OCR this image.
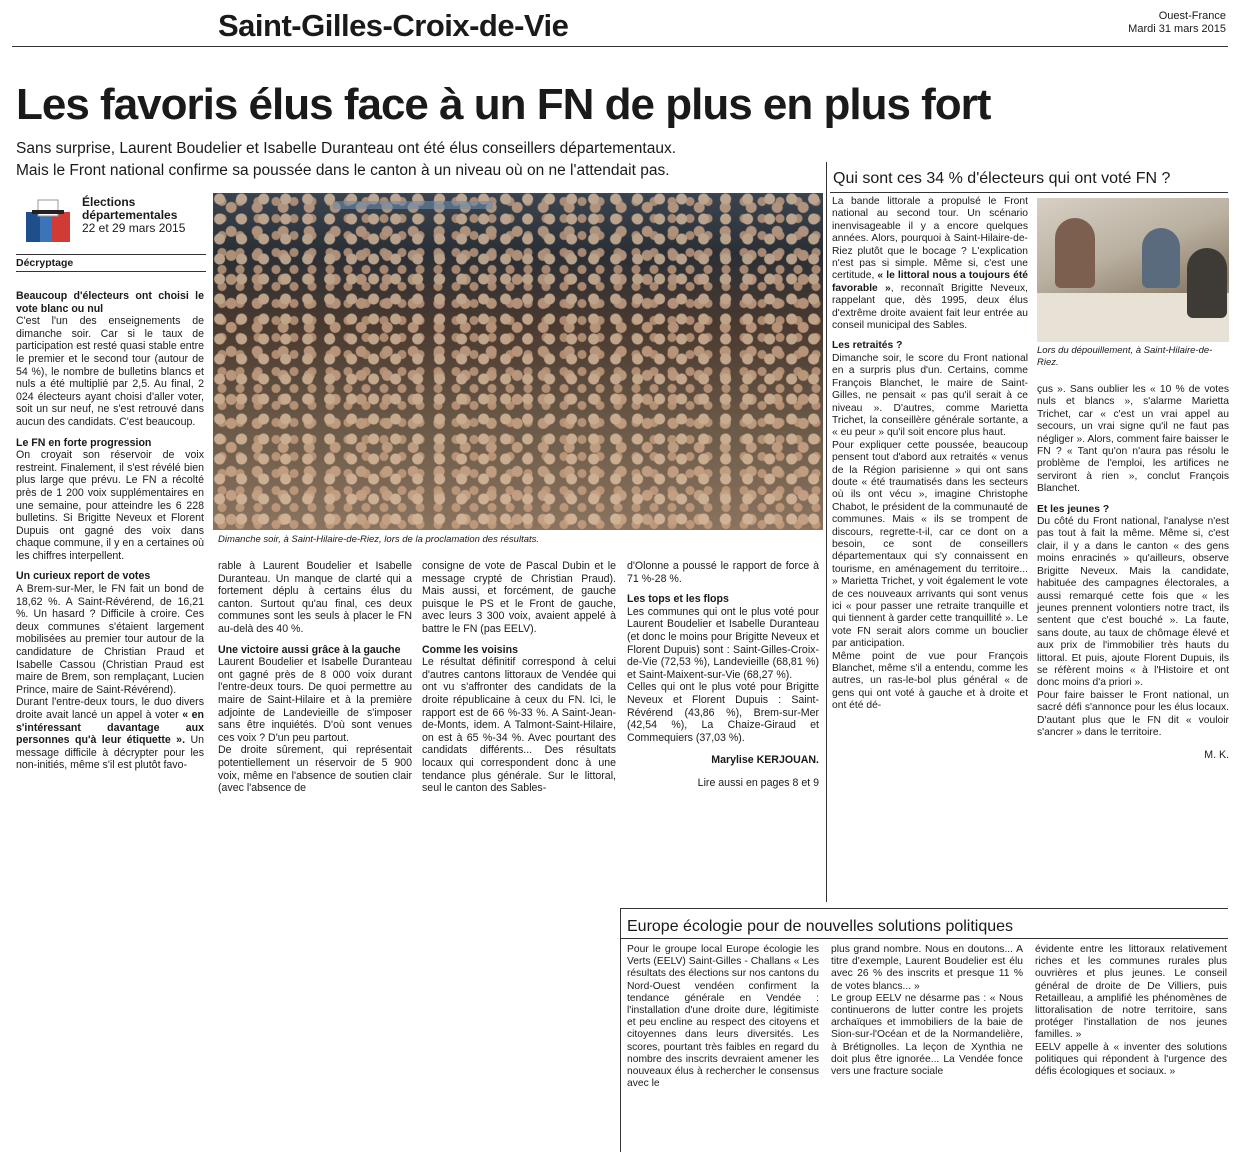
Saint-Gilles-Croix-de-Vie	Ouest-France
Mardi 31 mars 2015
Les favoris élus face à un FN de plus en plus fort
Sans surprise, Laurent Boudelier et Isabelle Duranteau ont été élus conseillers départementaux.
Mais le Front national confirme sa poussée dans le canton à un niveau où on ne l'attendait pas.
Élections
départementales
22 et 29 mars 2015
Décryptage

Beaucoup d'électeurs ont choisi le vote blanc ou nul

C'est l'un des enseignements de dimanche soir. Car si le taux de participation est resté quasi stable entre le premier et le second tour (autour de 54 %), le nombre de bulletins blancs et nuls a été multiplié par 2,5. Au final, 2 024 électeurs ayant choisi d'aller voter, soit un sur neuf, ne s'est retrouvé dans aucun des candidats. C'est beaucoup.

Le FN en forte progression

On croyait son réservoir de voix restreint. Finalement, il s'est révélé bien plus large que prévu. Le FN a récolté près de 1 200 voix supplémentaires en une semaine, pour atteindre les 6 228 bulletins. Si Brigitte Neveux et Florent Dupuis ont gagné des voix dans chaque commune, il y en a certaines où les chiffres interpellent.

Un curieux report de votes

A Brem-sur-Mer, le FN fait un bond de 18,62 %. A Saint-Révérend, de 16,21 %. Un hasard ? Difficile à croire. Ces deux communes s'étaient largement mobilisées au premier tour autour de la candidature de Christian Praud et Isabelle Cassou (Christian Praud est maire de Brem, son remplaçant, Lucien Prince, maire de Saint-Révérend).

Durant l'entre-deux tours, le duo divers droite avait lancé un appel à voter « en s'intéressant davantage aux personnes qu'à leur étiquette ». Un message difficile à décrypter pour les non-initiés, même s'il est plutôt favo-

Dimanche soir, à Saint-Hilaire-de-Riez, lors de la proclamation des résultats.

rable à Laurent Boudelier et Isabelle Duranteau. Un manque de clarté qui a fortement déplu à certains élus du canton. Surtout qu'au final, ces deux communes sont les seuls à placer le FN au-delà des 40 %.

Une victoire aussi grâce à la gauche

Laurent Boudelier et Isabelle Duranteau ont gagné près de 8 000 voix durant l'entre-deux tours. De quoi permettre au maire de Saint-Hilaire et à la première adjointe de Landevieille de s'imposer sans être inquiétés. D'où sont venues ces voix ? D'un peu partout.

De droite sûrement, qui représentait potentiellement un réservoir de 5 900 voix, même en l'absence de soutien clair (avec l'absence de

consigne de vote de Pascal Dubin et le message crypté de Christian Praud). Mais aussi, et forcément, de gauche puisque le PS et le Front de gauche, avec leurs 3 300 voix, avaient appelé à battre le FN (pas EELV).

Comme les voisins

Le résultat définitif correspond à celui d'autres cantons littoraux de Vendée qui ont vu s'affronter des candidats de la droite républicaine à ceux du FN. Ici, le rapport est de 66 %-33 %. A Saint-Jean-de-Monts, idem. A Talmont-Saint-Hilaire, on est à 65 %-34 %. Avec pourtant des candidats différents... Des résultats locaux qui correspondent donc à une tendance plus générale. Sur le littoral, seul le canton des Sables-

d'Olonne a poussé le rapport de force à 71 %-28 %.

Les tops et les flops

Les communes qui ont le plus voté pour Laurent Boudelier et Isabelle Duranteau (et donc le moins pour Brigitte Neveux et Florent Dupuis) sont : Saint-Gilles-Croix-de-Vie (72,53 %), Landevieille (68,81 %) et Saint-Maixent-sur-Vie (68,27 %).

Celles qui ont le plus voté pour Brigitte Neveux et Florent Dupuis : Saint-Révérend (43,86 %), Brem-sur-Mer (42,54 %), La Chaize-Giraud et Commequiers (37,03 %).

Marylise KERJOUAN.

Lire aussi en pages 8 et 9

Qui sont ces 34 % d'électeurs qui ont voté FN ?
Lors du dépouillement, à Saint-Hilaire-de-Riez.

La bande littorale a propulsé le Front national au second tour. Un scénario inenvisageable il y a encore quelques années. Alors, pourquoi à Saint-Hilaire-de-Riez plutôt que le bocage ? L'explication n'est pas si simple. Même si, c'est une certitude, « le littoral nous a toujours été favorable », reconnaît Brigitte Neveux, rappelant que, dès 1995, deux élus d'extrême droite avaient fait leur entrée au conseil municipal des Sables.

Les retraités ?

Dimanche soir, le score du Front national en a surpris plus d'un. Certains, comme François Blanchet, le maire de Saint-Gilles, ne pensait « pas qu'il serait à ce niveau ». D'autres, comme Marietta Trichet, la conseillère générale sortante, a « eu peur » qu'il soit encore plus haut.

Pour expliquer cette poussée, beaucoup pensent tout d'abord aux retraités « venus de la Région parisienne » qui ont sans doute « été traumatisés dans les secteurs où ils ont vécu », imagine Christophe Chabot, le président de la communauté de communes. Mais « ils se trompent de discours, regrette-t-il, car ce dont on a besoin, ce sont de conseillers départementaux qui s'y connaissent en tourisme, en aménagement du territoire... » Marietta Trichet, y voit également le vote de ces nouveaux arrivants qui sont venus ici « pour passer une retraite tranquille et qui tiennent à garder cette tranquillité ». Le vote FN serait alors comme un bouclier par anticipation.

Même point de vue pour François Blanchet, même s'il a entendu, comme les autres, un ras-le-bol plus général « de gens qui ont voté à gauche et à droite et ont été dé-

çus ». Sans oublier les « 10 % de votes nuls et blancs », s'alarme Marietta Trichet, car « c'est un vrai appel au secours, un vrai signe qu'il ne faut pas négliger ». Alors, comment faire baisser le FN ? « Tant qu'on n'aura pas résolu le problème de l'emploi, les artifices ne serviront à rien », conclut François Blanchet.

Et les jeunes ?

Du côté du Front national, l'analyse n'est pas tout à fait la même. Même si, c'est clair, il y a dans le canton « des gens moins enracinés » qu'ailleurs, observe Brigitte Neveux. Mais la candidate, habituée des campagnes électorales, a aussi remarqué cette fois que « les jeunes prennent volontiers notre tract, ils sentent que c'est bouché ». La faute, sans doute, au taux de chômage élevé et aux prix de l'immobilier très hauts du littoral. Et puis, ajoute Florent Dupuis, ils se réfèrent moins « à l'Histoire et ont donc moins d'a priori ».

Pour faire baisser le Front national, un sacré défi s'annonce pour les élus locaux. D'autant plus que le FN dit « vouloir s'ancrer » dans le territoire.

M. K.

Europe écologie pour de nouvelles solutions politiques

Pour le groupe local Europe écologie les Verts (EELV) Saint-Gilles - Challans « Les résultats des élections sur nos cantons du Nord-Ouest vendéen confirment la tendance générale en Vendée : l'installation d'une droite dure, légitimiste et peu encline au respect des citoyens et citoyennes dans leurs diversités. Les scores, pourtant très faibles en regard du nombre des inscrits devraient amener les nouveaux élus à rechercher le consensus avec le

plus grand nombre. Nous en doutons... A titre d'exemple, Laurent Boudelier est élu avec 26 % des inscrits et presque 11 % de votes blancs... »

Le group EELV ne désarme pas : « Nous continuerons de lutter contre les projets archaïques et immobiliers de la baie de Sion-sur-l'Océan et de la Normandelière, à Brétignolles. La leçon de Xynthia ne doit plus être ignorée... La Vendée fonce vers une fracture sociale

évidente entre les littoraux relativement riches et les communes rurales plus ouvrières et plus jeunes. Le conseil général de droite de De Villiers, puis Retailleau, a amplifié les phénomènes de littoralisation de notre territoire, sans protéger l'installation de nos jeunes familles. »

EELV appelle à « inventer des solutions politiques qui répondent à l'urgence des défis écologiques et sociaux. »
